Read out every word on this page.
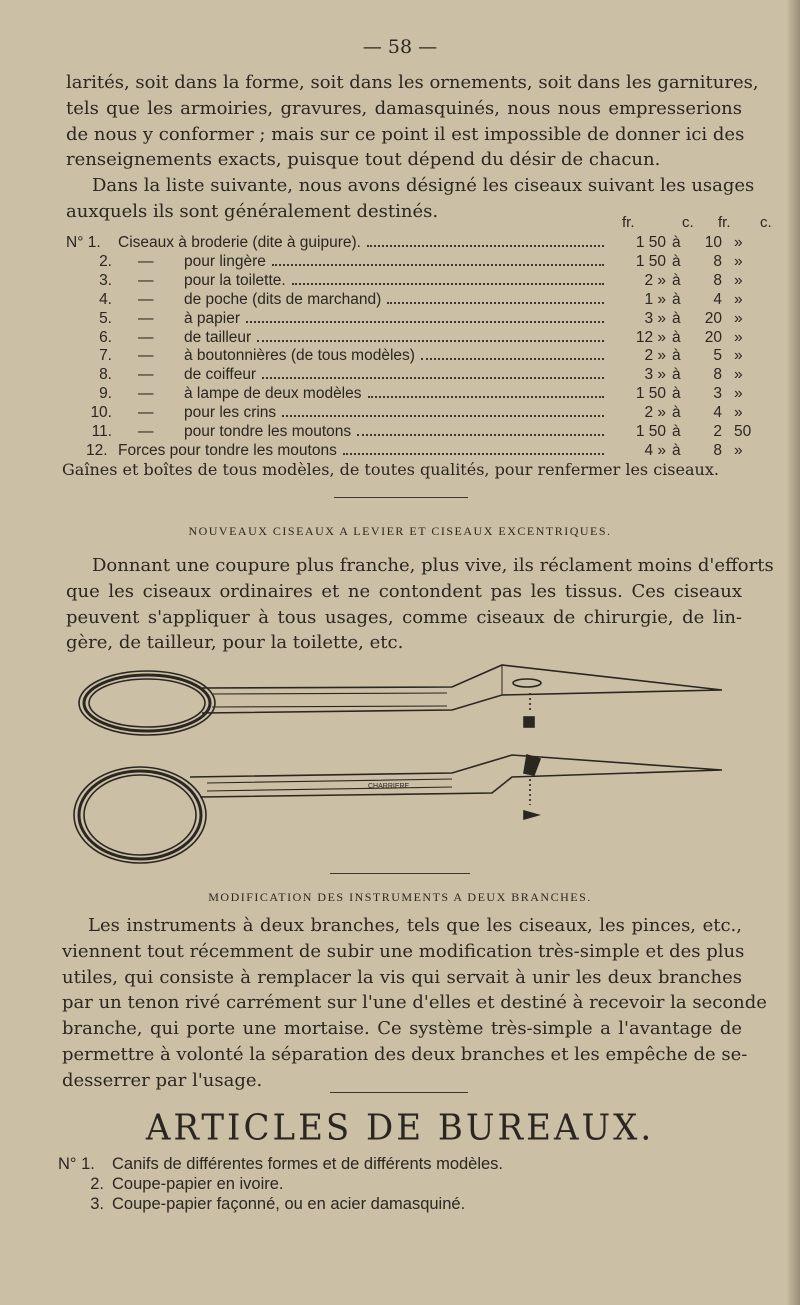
— 58 —
larités, soit dans la forme, soit dans les ornements, soit dans les garnitures,
tels que les armoiries, gravures, damasquinés, nous nous empresserions
de nous y conformer ; mais sur ce point il est impossible de donner ici des
renseignements exacts, puisque tout dépend du désir de chacun.
Dans la liste suivante, nous avons désigné les ciseaux suivant les usages
auxquels ils sont généralement destinés.
fr.	c. fr. c.
N° 1. Ciseaux à broderie (dite à guipure).	1 50 à	10 »
2. — pour lingère	1 50 à	8 »
3. — pour la toilette.	2 » à	8 »
4. — de poche (dits de marchand)	1 » à	4 »
5. — à papier	3 » à	20 »
6. — de tailleur	12 » à	20 »
7. — à boutonnières (de tous modèles)	2 » à	5 »
8. — de coiffeur	3 » à	8 »
9. — à lampe de deux modèles	1 50 à	3 »
10. — pour les crins	2 » à	4 »
11. — pour tondre les moutons	1 50 à	2 50
12. Forces pour tondre les moutons	4 » à	8 »
Gaînes et boîtes de tous modèles, de toutes qualités, pour renfermer les ciseaux.
NOUVEAUX CISEAUX A LEVIER ET CISEAUX EXCENTRIQUES.
Donnant une coupure plus franche, plus vive, ils réclament moins d'efforts
que les ciseaux ordinaires et ne contondent pas les tissus. Ces ciseaux
peuvent s'appliquer à tous usages, comme ciseaux de chirurgie, de lin-
gère, de tailleur, pour la toilette, etc.
CHARRIERE
MODIFICATION DES INSTRUMENTS A DEUX BRANCHES.
Les instruments à deux branches, tels que les ciseaux, les pinces, etc.,
viennent tout récemment de subir une modification très-simple et des plus
utiles, qui consiste à remplacer la vis qui servait à unir les deux branches
par un tenon rivé carrément sur l'une d'elles et destiné à recevoir la seconde
branche, qui porte une mortaise. Ce système très-simple a l'avantage de
permettre à volonté la séparation des deux branches et les empêche de se-
desserrer par l'usage.
ARTICLES DE BUREAUX.
N° 1.	Canifs de différentes formes et de différents modèles.
2. Coupe-papier en ivoire.
3. Coupe-papier façonné, ou en acier damasquiné.
